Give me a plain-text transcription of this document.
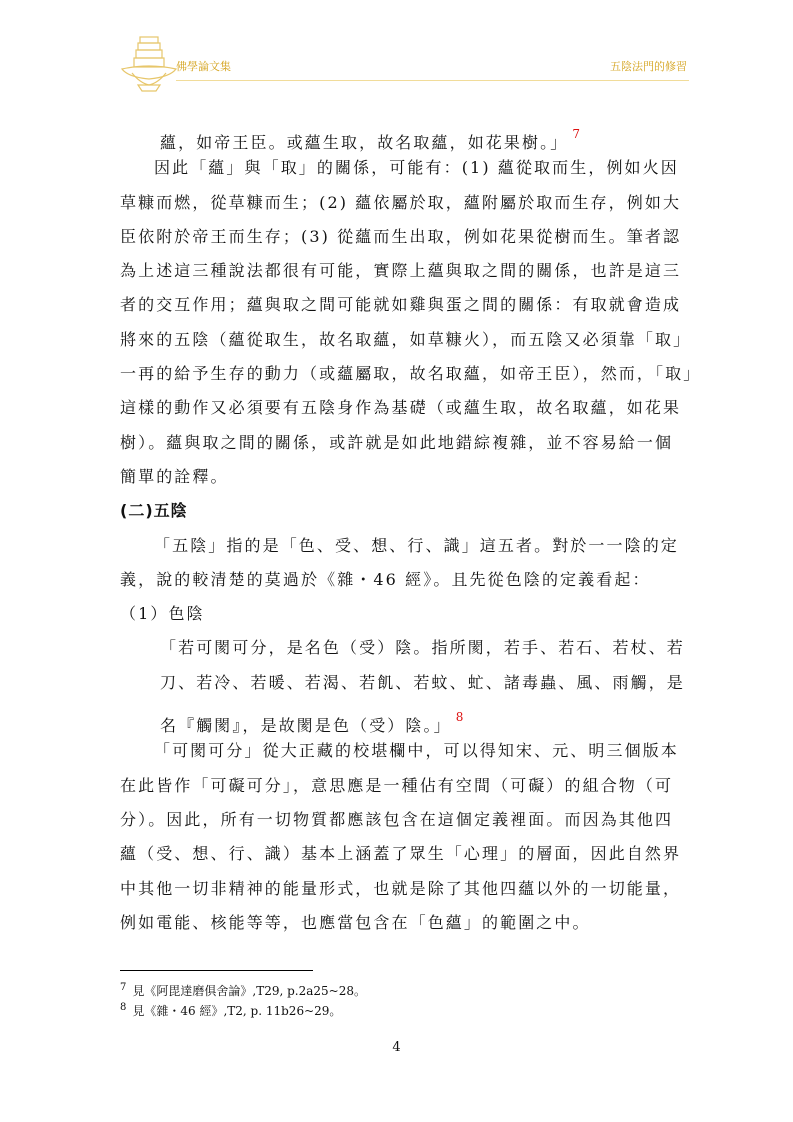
佛學論文集	五陰法門的修習
蘊，如帝王臣。或蘊生取，故名取蘊，如花果樹。」 $^7$
因此「蘊」與「取」的關係，可能有：(1) 蘊從取而生，例如火因
草糠而燃，從草糠而生；(2) 蘊依屬於取，蘊附屬於取而生存，例如大
臣依附於帝王而生存；(3) 從蘊而生出取，例如花果從樹而生。筆者認
為上述這三種說法都很有可能，實際上蘊與取之間的關係，也許是這三
者的交互作用；蘊與取之間可能就如雞與蛋之間的關係：有取就會造成
將來的五陰（蘊從取生，故名取蘊，如草糠火），而五陰又必須靠「取」
一再的給予生存的動力（或蘊屬取，故名取蘊，如帝王臣），然而，「取」
這樣的動作又必須要有五陰身作為基礎（或蘊生取，故名取蘊，如花果
樹）。蘊與取之間的關係，或許就是如此地錯綜複雜，並不容易給一個
簡單的詮釋。
(二)五陰
「五陰」指的是「色、受、想、行、識」這五者。對於一一陰的定
義，說的較清楚的莫過於《雜・46 經》。且先從色陰的定義看起：
（1）色陰
「若可閡可分，是名色（受）陰。指所閡，若手、若石、若杖、若
刀、若冷、若暖、若渴、若飢、若蚊、虻、諸毒蟲、風、雨觸，是
名『觸閡』，是故閡是色（受）陰。」 $^8$
「可閡可分」從大正藏的校堪欄中，可以得知宋、元、明三個版本
在此皆作「可礙可分」，意思應是一種佔有空間（可礙）的組合物（可
分）。因此，所有一切物質都應該包含在這個定義裡面。而因為其他四
蘊（受、想、行、識）基本上涵蓋了眾生「心理」的層面，因此自然界
中其他一切非精神的能量形式，也就是除了其他四蘊以外的一切能量，
例如電能、核能等等，也應當包含在「色蘊」的範圍之中。
$^7$ 見《阿毘達磨俱舍論》,T29, p.2a25~28。
$^8$ 見《雜・46 經》,T2, p. 11b26~29。
4
